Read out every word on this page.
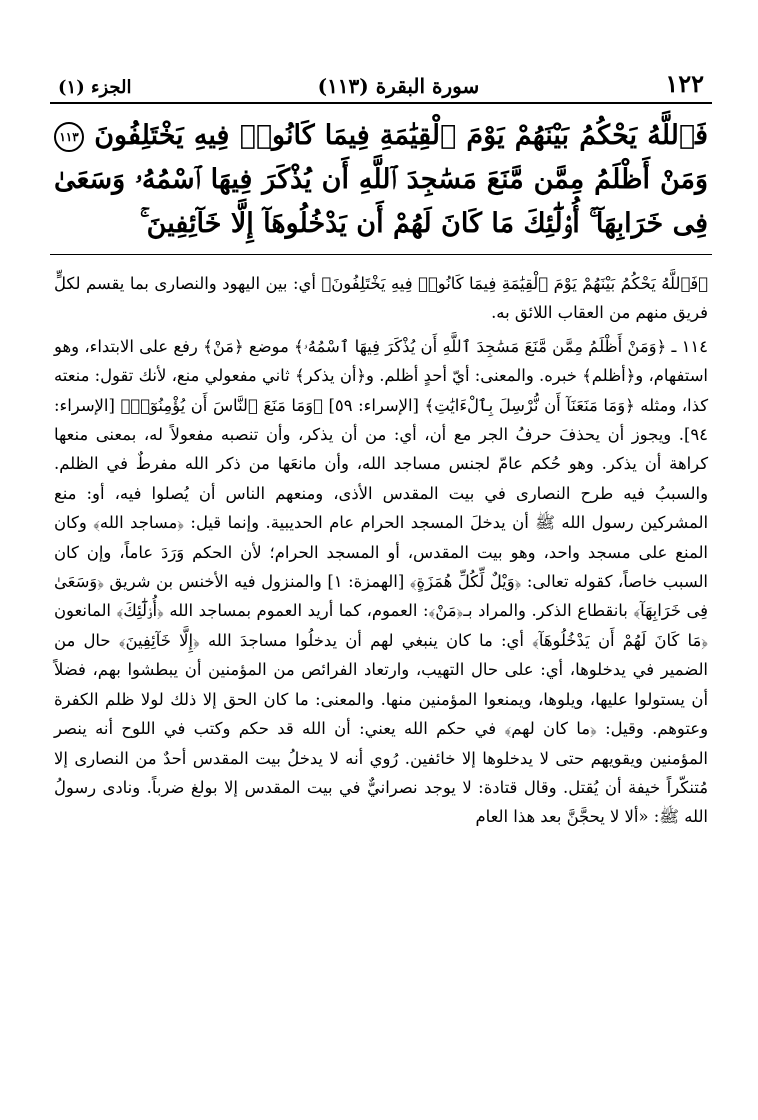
١٢٢
سورة البقرة (١١٣)
الجزء (١)
فَٱللَّهُ يَحْكُمُ بَيْنَهُمْ يَوْمَ ٱلْقِيَٰمَةِ فِيمَا كَانُوا۟ فِيهِ يَخْتَلِفُونَ ١١٣ وَمَنْ أَظْلَمُ مِمَّن مَّنَعَ مَسَٰجِدَ ٱللَّهِ أَن يُذْكَرَ فِيهَا ٱسْمُهُۥ وَسَعَىٰ فِى خَرَابِهَآ ۚ أُو۟لَٰٓئِكَ مَا كَانَ لَهُمْ أَن يَدْخُلُوهَآ إِلَّا خَآئِفِينَ ۚ

﴿فَٱللَّهُ يَحْكُمُ بَيْنَهُمْ يَوْمَ ٱلْقِيَٰمَةِ فِيمَا كَانُوا۟ فِيهِ يَخْتَلِفُونَ﴾ أي: بين اليهود والنصارى بما يقسم لكلٍّ فريق منهم من العقاب اللائق به.

١١٤ ـ ﴿وَمَنْ أَظْلَمُ مِمَّن مَّنَعَ مَسَٰجِدَ ٱللَّهِ أَن يُذْكَرَ فِيهَا ٱسْمُهُۥ﴾ موضع ﴿مَنْ﴾ رفع على الابتداء، وهو استفهام، و﴿أظلم﴾ خبره. والمعنى: أيّ أحدٍ أظلم. و﴿أن يذكر﴾ ثاني مفعولي منع، لأنك تقول: منعته كذا، ومثله ﴿وَمَا مَنَعَنَآ أَن نُّرْسِلَ بِٱلْءَايَٰتِ﴾ [الإسراء: ٥٩] ﴿وَمَا مَنَعَ ٱلنَّاسَ أَن يُؤْمِنُوٓا۟﴾ [الإسراء: ٩٤]. ويجوز أن يحذفَ حرفُ الجر مع أن، أي: من أن يذكر، وأن تنصبه مفعولاً له، بمعنى منعها كراهة أن يذكر. وهو حُكم عامّ لجنس مساجد الله، وأن مانعَها من ذكر الله مفرطٌ في الظلم. والسببُ فيه طرح النصارى في بيت المقدس الأذى، ومنعهم الناس أن يُصلوا فيه، أو: منع المشركين رسول الله ﷺ أن يدخلَ المسجد الحرام عام الحديبية. وإنما قيل: ﴿مساجد الله﴾ وكان المنع على مسجد واحد، وهو بيت المقدس، أو المسجد الحرام؛ لأن الحكم وَرَدَ عاماً، وإن كان السبب خاصاً، كقوله تعالى: ﴿وَيْلٌ لِّكُلِّ هُمَزَةٍ﴾ [الهمزة: ١] والمنزول فيه الأخنس بن شريق ﴿وَسَعَىٰ فِى خَرَابِهَآ﴾ بانقطاع الذكر. والمراد بـ﴿مَنْ﴾: العموم، كما أريد العموم بمساجد الله ﴿أُو۟لَٰٓئِكَ﴾ المانعون ﴿مَا كَانَ لَهُمْ أَن يَدْخُلُوهَآ﴾ أي: ما كان ينبغي لهم أن يدخلُوا مساجدَ الله ﴿إِلَّا خَآئِفِينَ﴾ حال من الضمير في يدخلوها، أي: على حال التهيب، وارتعاد الفرائص من المؤمنين أن يبطشوا بهم، فضلاً أن يستولوا عليها، ويلوها، ويمنعوا المؤمنين منها. والمعنى: ما كان الحق إلا ذلك لولا ظلم الكفرة وعتوهم. وقيل: ﴿ما كان لهم﴾ في حكم الله يعني: أن الله قد حكم وكتب في اللوح أنه ينصر المؤمنين ويقويهم حتى لا يدخلوها إلا خائفين. رُوي أنه لا يدخلُ بيت المقدس أحدٌ من النصارى إلا مُتنكّراً خيفة أن يُقتل. وقال قتادة: لا يوجد نصرانيٌّ في بيت المقدس إلا بولغ ضرباً. ونادى رسولُ الله ﷺ: «ألا لا يحجَّنَّ بعد هذا العام
